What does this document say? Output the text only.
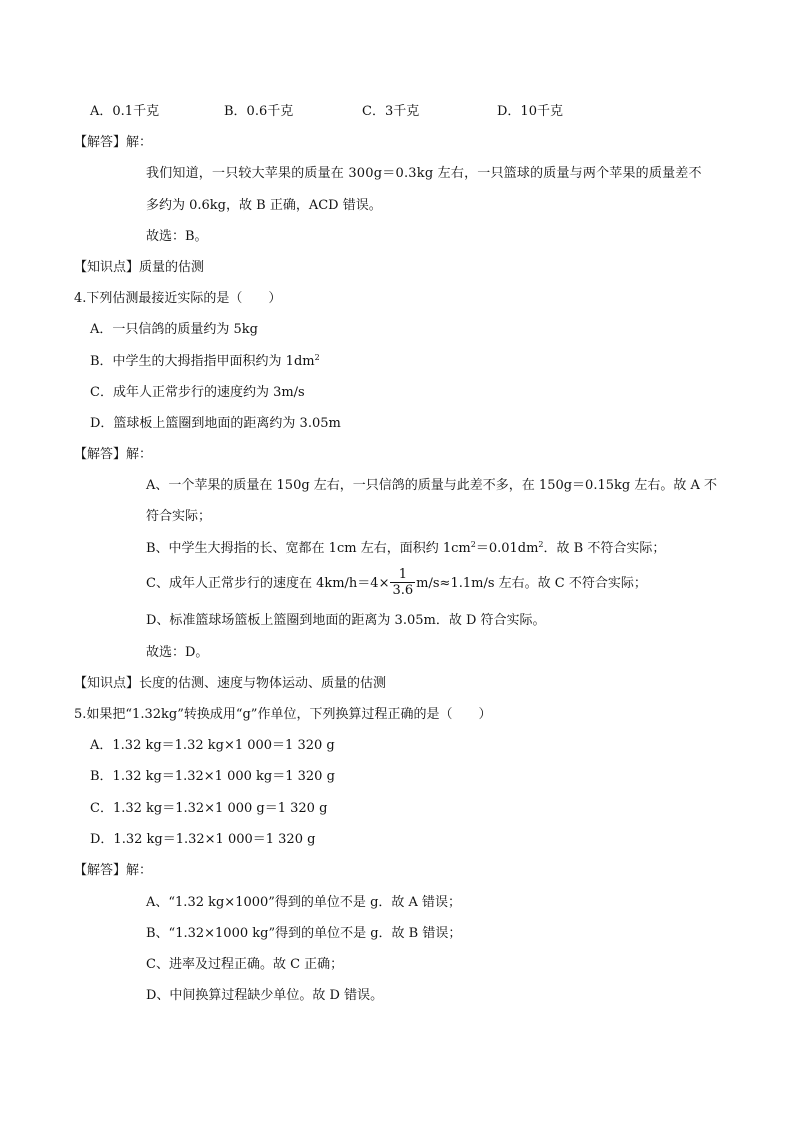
A．0.1千克	B．0.6千克	C．3千克	D．10千克
【解答】解：
我们知道，一只较大苹果的质量在 300g＝0.3kg 左右，一只篮球的质量与两个苹果的质量差不
多约为 0.6kg，故 B 正确，ACD 错误。
故选：B。
【知识点】质量的估测
4.下列估测最接近实际的是（　　）
A．一只信鸽的质量约为 5kg
B．中学生的大拇指指甲面积约为 $1dm^2$
C．成年人正常步行的速度约为 3m/s
D．篮球板上篮圈到地面的距离约为 3.05m
【解答】解：
A、一个苹果的质量在 150g 左右，一只信鸽的质量与此差不多，在 150g＝0.15kg 左右。故 A 不
符合实际；
B、中学生大拇指的长、宽都在 1cm 左右，面积约 $1cm^2=0.01dm^2$．故 B 不符合实际；
C、成年人正常步行的速度在 $4km/h=4\times \frac{1}{3.6} m/s\approx 1.1m/s$ 左右。故 C 不符合实际；
D、标准篮球场篮板上篮圈到地面的距离为 3.05m．故 D 符合实际。
故选：D。
【知识点】长度的估测、速度与物体运动、质量的估测
5.如果把“1.32kg”转换成用“g”作单位，下列换算过程正确的是（　　）
A．1.32 kg＝1.32 kg×1 000＝1 320 g
B．1.32 kg＝1.32×1 000 kg＝1 320 g
C．1.32 kg＝1.32×1 000 g＝1 320 g
D．1.32 kg＝1.32×1 000＝1 320 g
【解答】解：
A、“1.32 kg×1000”得到的单位不是 g．故 A 错误；
B、“1.32×1000 kg”得到的单位不是 g．故 B 错误；
C、进率及过程正确。故 C 正确；
D、中间换算过程缺少单位。故 D 错误。
